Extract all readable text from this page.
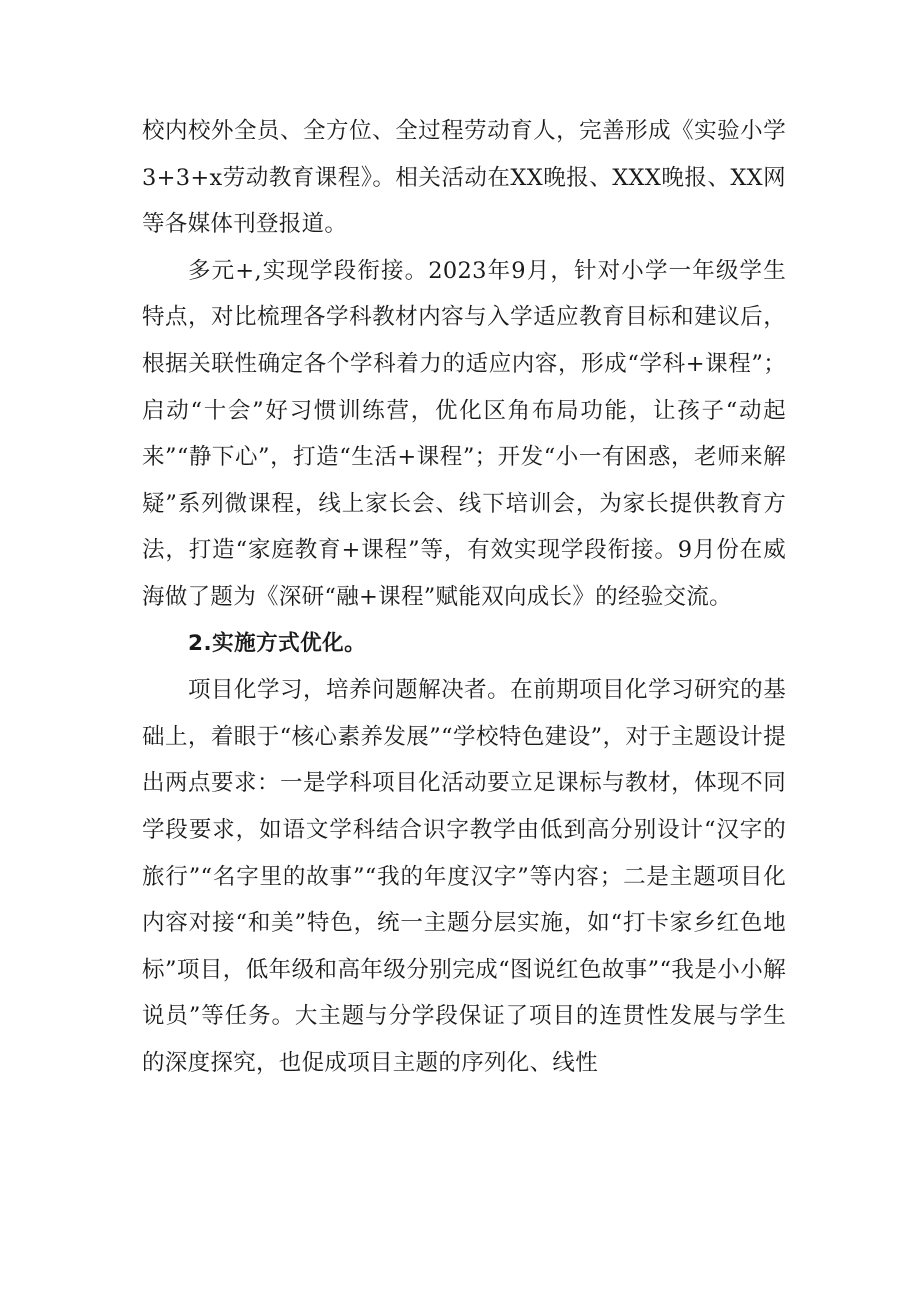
校内校外全员、全方位、全过程劳动育人，完善形成《实验小学3+3+x劳动教育课程》。相关活动在XX晚报、XXX晚报、XX网等各媒体刊登报道。

多元+,实现学段衔接。2023年9月，针对小学一年级学生特点，对比梳理各学科教材内容与入学适应教育目标和建议后，根据关联性确定各个学科着力的适应内容，形成“学科+课程”；启动“十会”好习惯训练营，优化区角布局功能，让孩子“动起来”“静下心”，打造“生活+课程”；开发“小一有困惑，老师来解疑”系列微课程，线上家长会、线下培训会，为家长提供教育方法，打造“家庭教育+课程”等，有效实现学段衔接。9月份在威海做了题为《深研“融+课程”赋能双向成长》的经验交流。

2.实施方式优化。

项目化学习，培养问题解决者。在前期项目化学习研究的基础上，着眼于“核心素养发展”“学校特色建设”，对于主题设计提出两点要求：一是学科项目化活动要立足课标与教材，体现不同学段要求，如语文学科结合识字教学由低到高分别设计“汉字的旅行”“名字里的故事”“我的年度汉字”等内容；二是主题项目化内容对接“和美”特色，统一主题分层实施，如“打卡家乡红色地标”项目，低年级和高年级分别完成“图说红色故事”“我是小小解说员”等任务。大主题与分学段保证了项目的连贯性发展与学生的深度探究，也促成项目主题的序列化、线性
